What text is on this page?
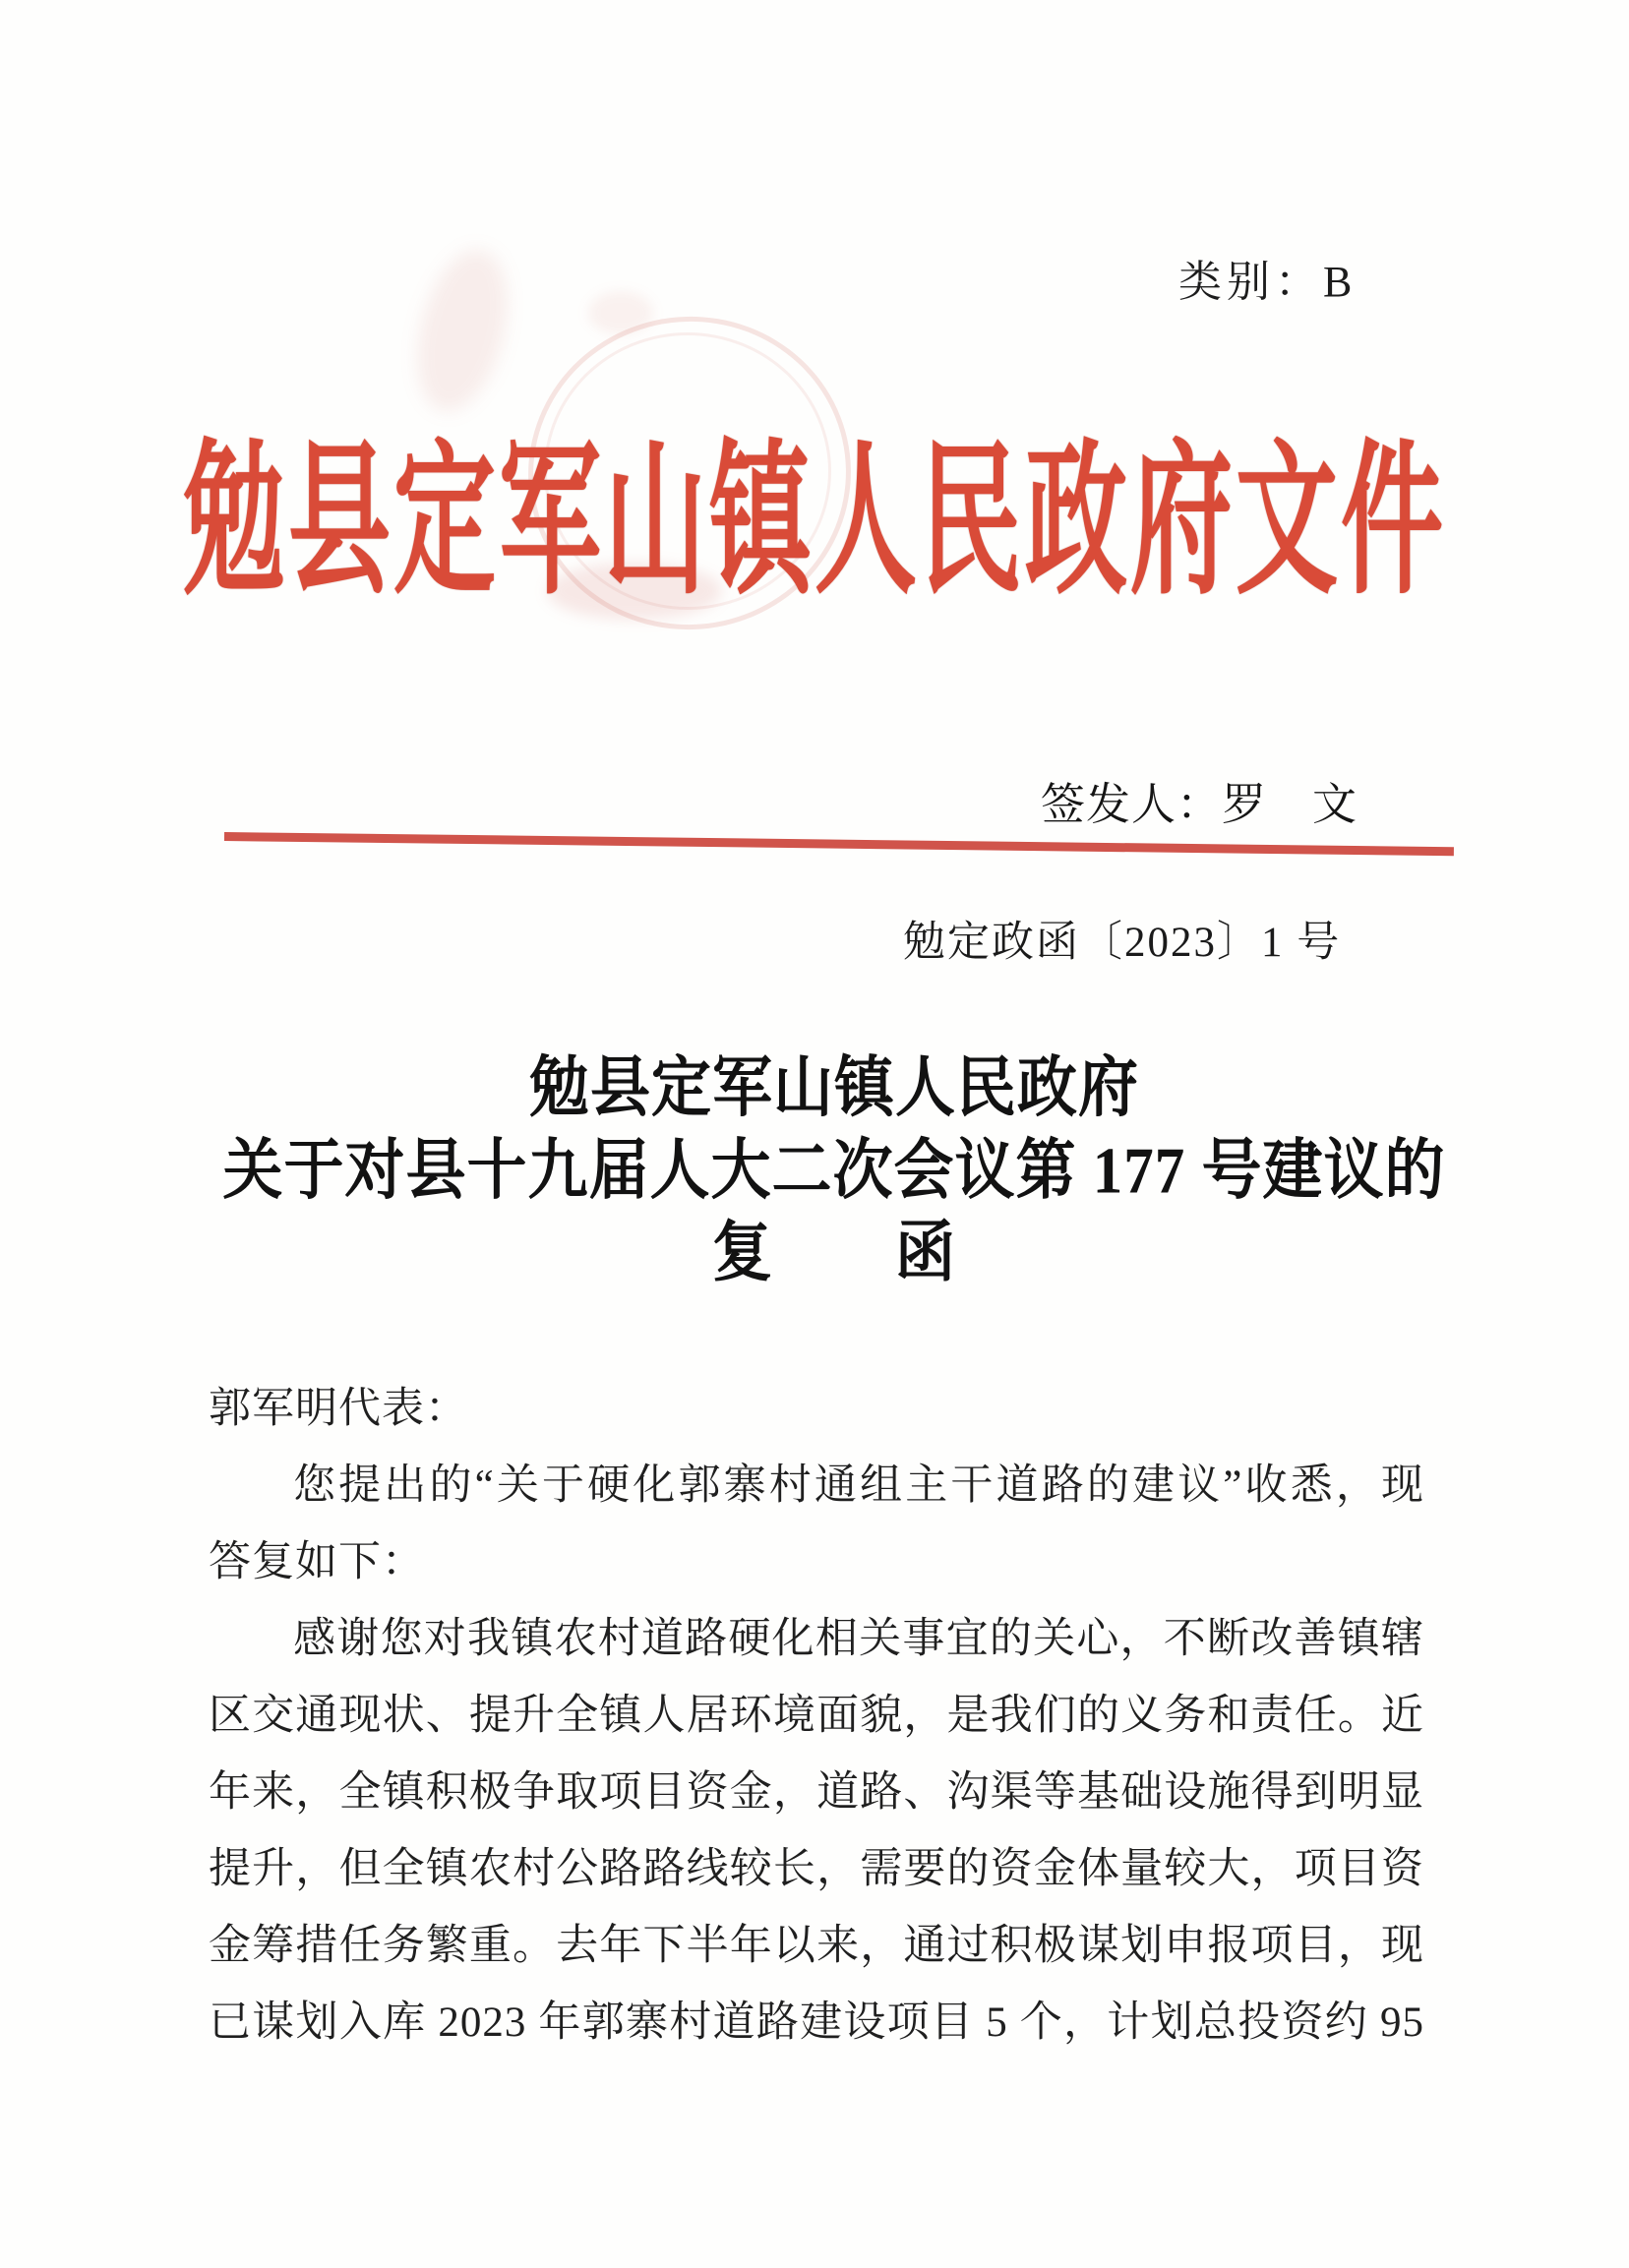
类别：B
勉县定军山镇人民政府文件
签发人：罗　文
勉定政函〔2023〕1 号
勉县定军山镇人民政府
关于对县十九届人大二次会议第 177 号建议的
复　　函
郭军明代表：
您提出的“关于硬化郭寨村通组主干道路的建议”收悉，现
答复如下：
感谢您对我镇农村道路硬化相关事宜的关心，不断改善镇辖
区交通现状、提升全镇人居环境面貌，是我们的义务和责任。近
年来，全镇积极争取项目资金，道路、沟渠等基础设施得到明显
提升，但全镇农村公路路线较长，需要的资金体量较大，项目资
金筹措任务繁重。去年下半年以来，通过积极谋划申报项目，现
已谋划入库 2023 年郭寨村道路建设项目 5 个，计划总投资约 95
